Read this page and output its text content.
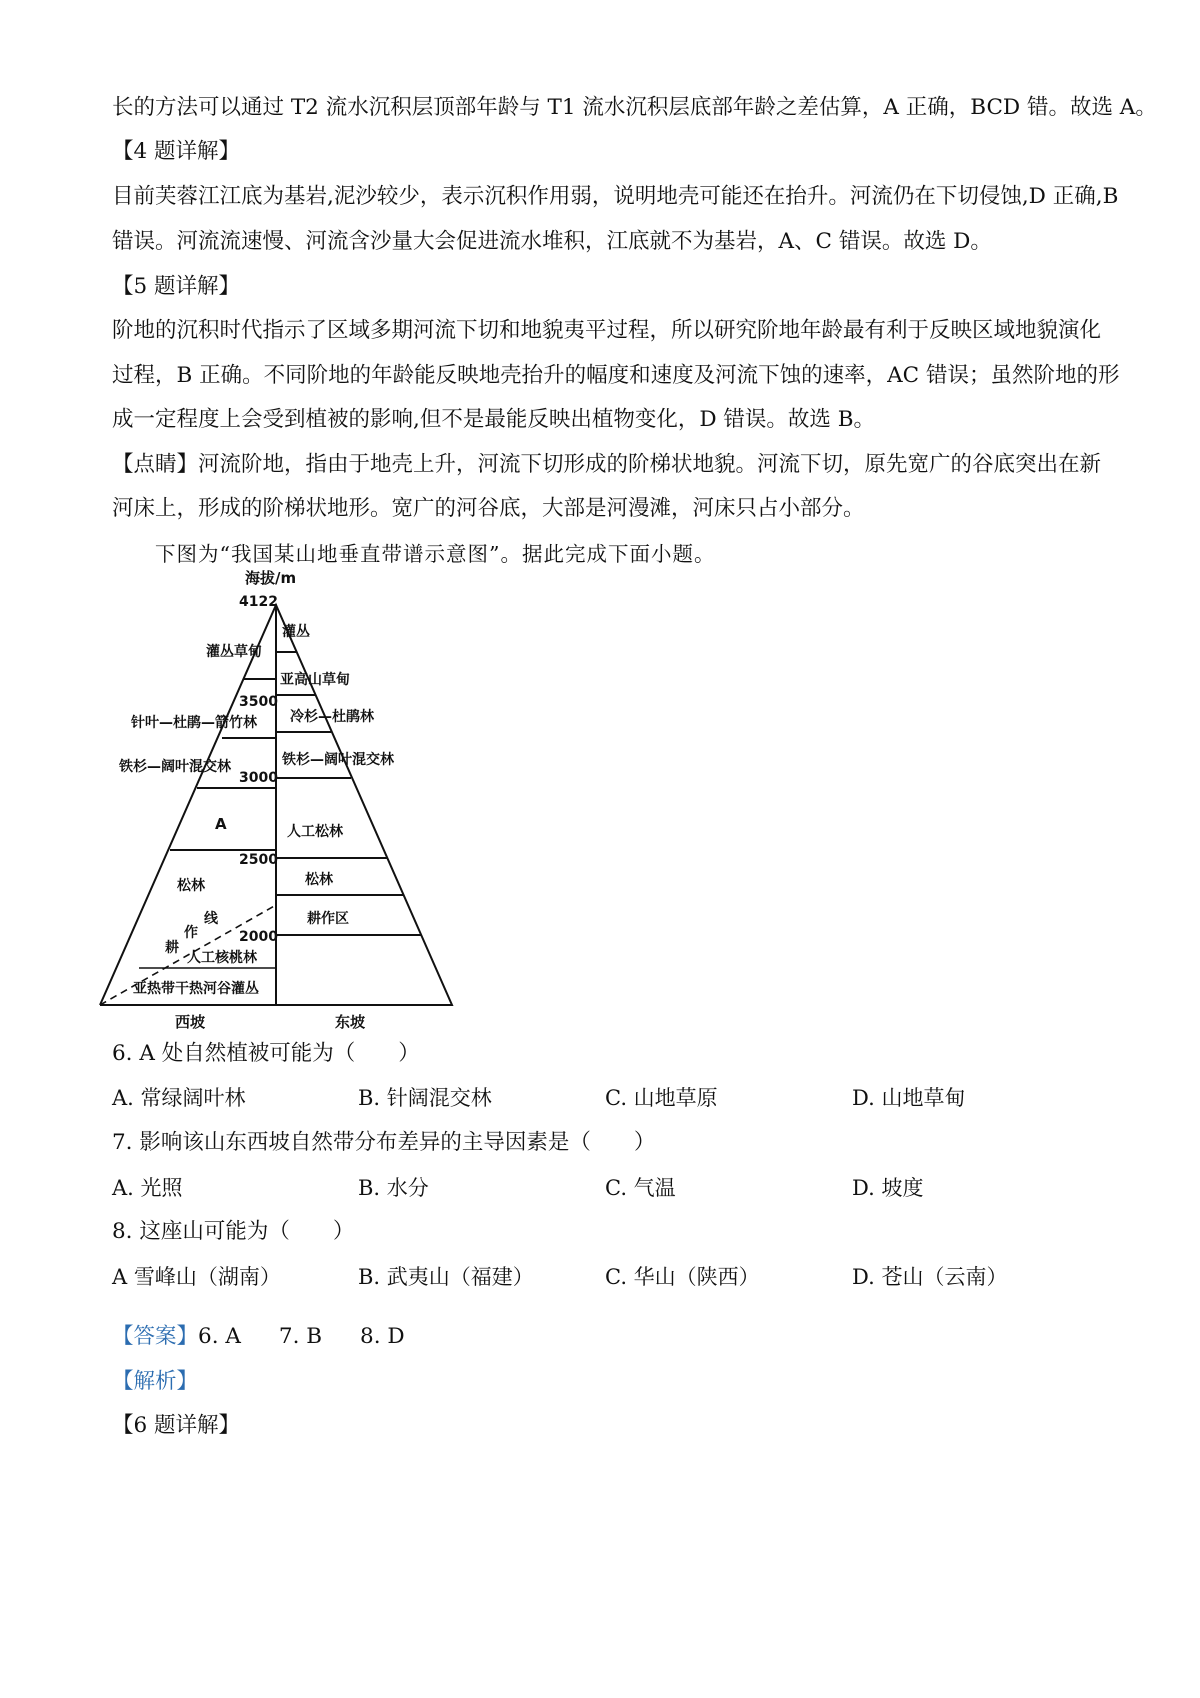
长的方法可以通过 T2 流水沉积层顶部年龄与 T1 流水沉积层底部年龄之差估算，A 正确，BCD 错。故选 A。
【4 题详解】
目前芙蓉江江底为基岩,泥沙较少，表示沉积作用弱，说明地壳可能还在抬升。河流仍在下切侵蚀,D 正确,B
错误。河流流速慢、河流含沙量大会促进流水堆积，江底就不为基岩，A、C 错误。故选 D。
【5 题详解】
阶地的沉积时代指示了区域多期河流下切和地貌夷平过程，所以研究阶地年龄最有利于反映区域地貌演化
过程，B 正确。不同阶地的年龄能反映地壳抬升的幅度和速度及河流下蚀的速率，AC 错误；虽然阶地的形
成一定程度上会受到植被的影响,但不是最能反映出植物变化，D 错误。故选 B。
【点睛】河流阶地，指由于地壳上升，河流下切形成的阶梯状地貌。河流下切，原先宽广的谷底突出在新
河床上，形成的阶梯状地形。宽广的河谷底，大部是河漫滩，河床只占小部分。
下图为“我国某山地垂直带谱示意图”。据此完成下面小题。
海拔/m
4122
3500
3000
2500
2000
灌丛草甸
针叶—杜鹃—箭竹林
铁杉—阔叶混交林
A
松林
人工核桃林
亚热带干热河谷灌丛
耕
作
线
灌丛
亚高山草甸
冷杉—杜鹃林
铁杉—阔叶混交林
人工松林
松林
耕作区
西坡	东坡
6. A 处自然植被可能为（　　）
A. 常绿阔叶林	B. 针阔混交林	C. 山地草原	D. 山地草甸
7. 影响该山东西坡自然带分布差异的主导因素是（　　）
A. 光照	B. 水分	C. 气温	D. 坡度
8. 这座山可能为（　　）
A 雪峰山（湖南）	B. 武夷山（福建）	C. 华山（陕西）	D. 苍山（云南）
【答案】6. A 7. B 8. D
【解析】
【6 题详解】
